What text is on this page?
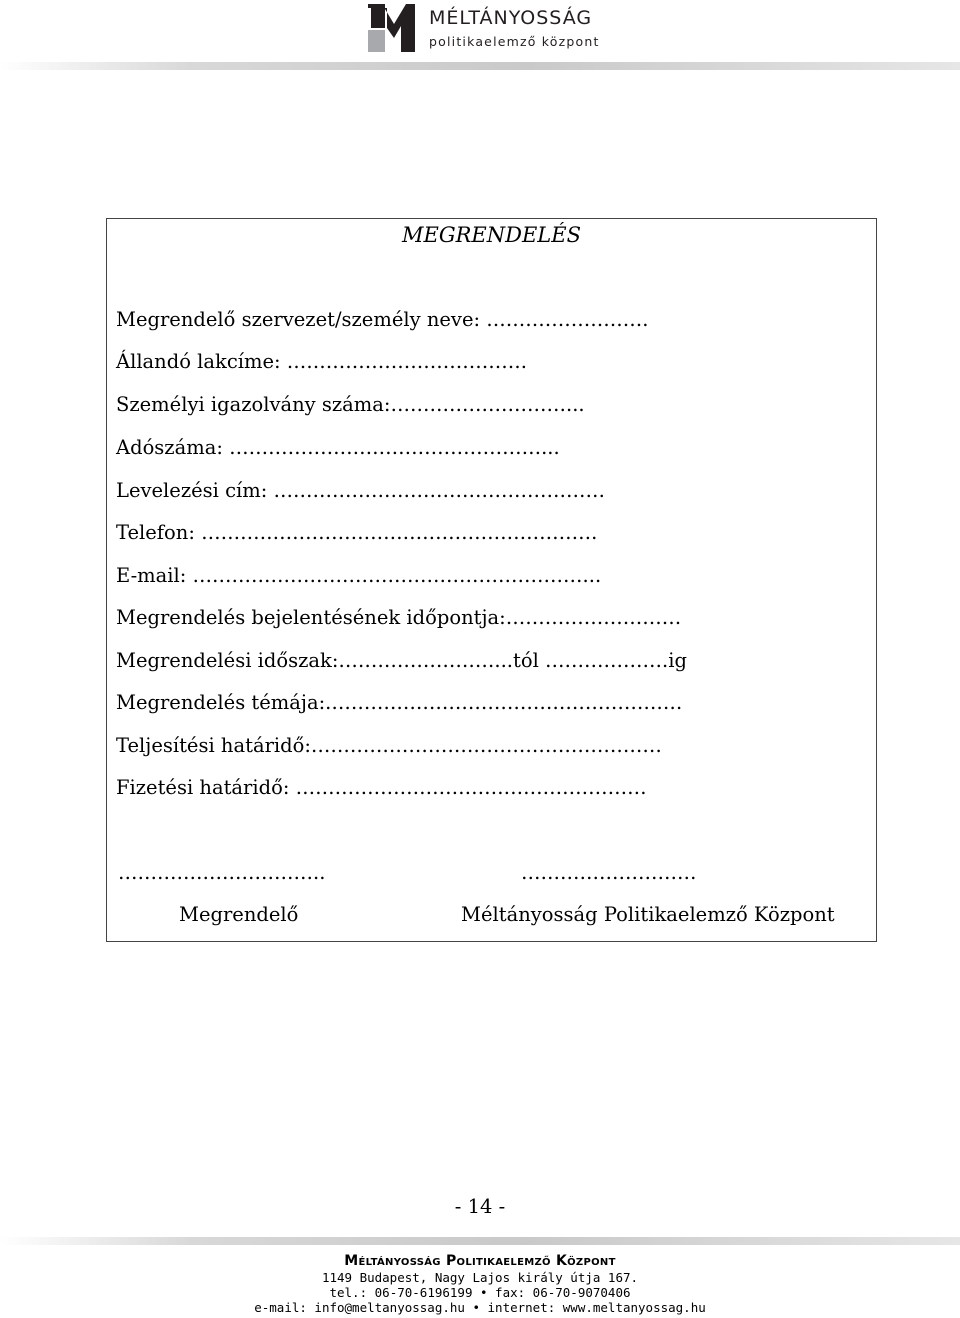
MÉLTÁNYOSSÁG
politikaelemző központ
MEGRENDELÉS
Megrendelő szervezet/személy neve: …………………….
Állandó lakcíme: ……………………………….
Személyi igazolvány száma:………………………...
Adószáma: …………………………………………...
Levelezési cím: ……………………………………………
Telefon: …………………………………………………….
E-mail: ……………………………………………………...
Megrendelés bejelentésének időpontja:………………………
Megrendelési időszak:……………………...tól ……………….ig
Megrendelés témája:.………………………………………………
Teljesítési határidő:………………………………………………
Fizetési határidő: ………………………………………………
…………………………..	………………………
Megrendelő	Méltányosság Politikaelemző Központ
- 14 -
Méltányosság Politikaelemző Központ
1149 Budapest, Nagy Lajos király útja 167.
tel.: 06-70-6196199 • fax: 06-70-9070406
e-mail: info@meltanyossag.hu • internet: www.meltanyossag.hu
